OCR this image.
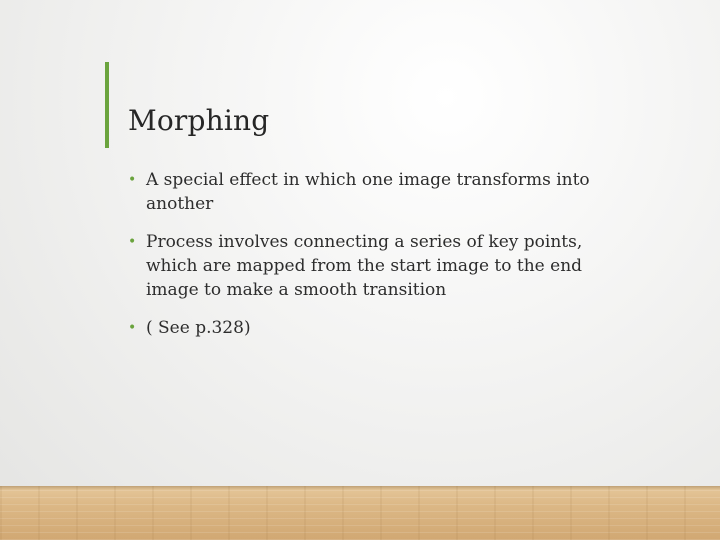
Morphing
• A special effect in which one image transforms into another
• Process involves connecting a series of key points, which are mapped from the start image to the end image to make a smooth transition
• ( See p.328)
